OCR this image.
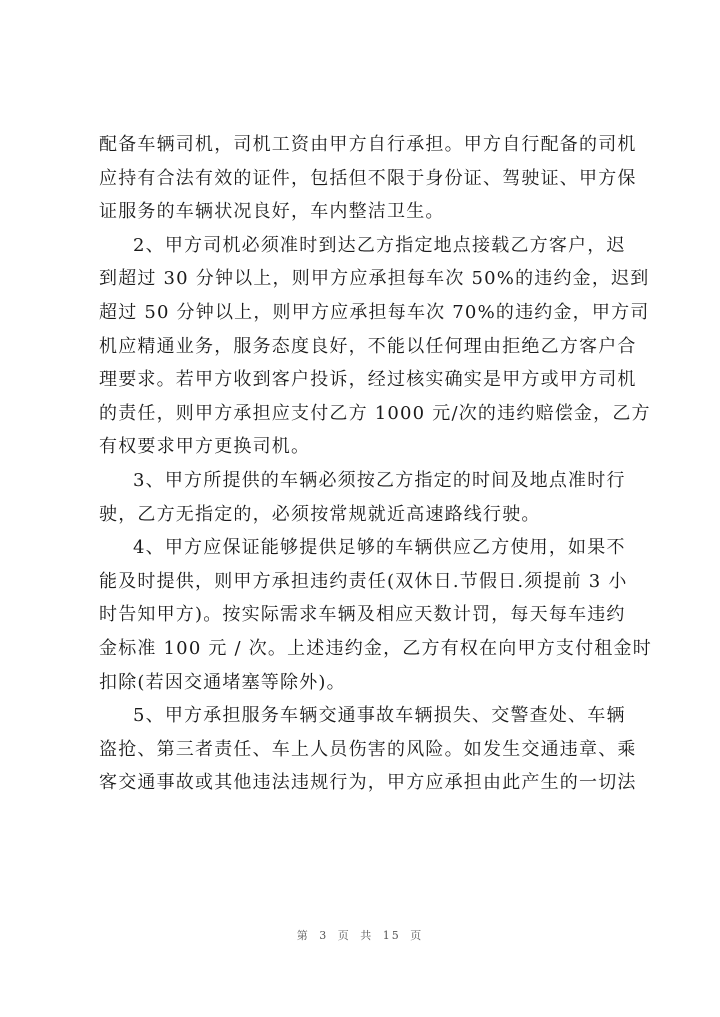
配备车辆司机，司机工资由甲方自行承担。甲方自行配备的司机
应持有合法有效的证件，包括但不限于身份证、驾驶证、甲方保
证服务的车辆状况良好，车内整洁卫生。
2、甲方司机必须准时到达乙方指定地点接载乙方客户，迟
到超过 30 分钟以上，则甲方应承担每车次 50%的违约金，迟到
超过 50 分钟以上，则甲方应承担每车次 70%的违约金，甲方司
机应精通业务，服务态度良好，不能以任何理由拒绝乙方客户合
理要求。若甲方收到客户投诉，经过核实确实是甲方或甲方司机
的责任，则甲方承担应支付乙方 1000 元/次的违约赔偿金，乙方
有权要求甲方更换司机。
3、甲方所提供的车辆必须按乙方指定的时间及地点准时行
驶，乙方无指定的，必须按常规就近高速路线行驶。
4、甲方应保证能够提供足够的车辆供应乙方使用，如果不
能及时提供，则甲方承担违约责任(双休日.节假日.须提前 3 小
时告知甲方)。按实际需求车辆及相应天数计罚，每天每车违约
金标准 100 元 / 次。上述违约金，乙方有权在向甲方支付租金时
扣除(若因交通堵塞等除外)。
5、甲方承担服务车辆交通事故车辆损失、交警查处、车辆
盗抢、第三者责任、车上人员伤害的风险。如发生交通违章、乘
客交通事故或其他违法违规行为，甲方应承担由此产生的一切法
第 3 页 共 15 页
